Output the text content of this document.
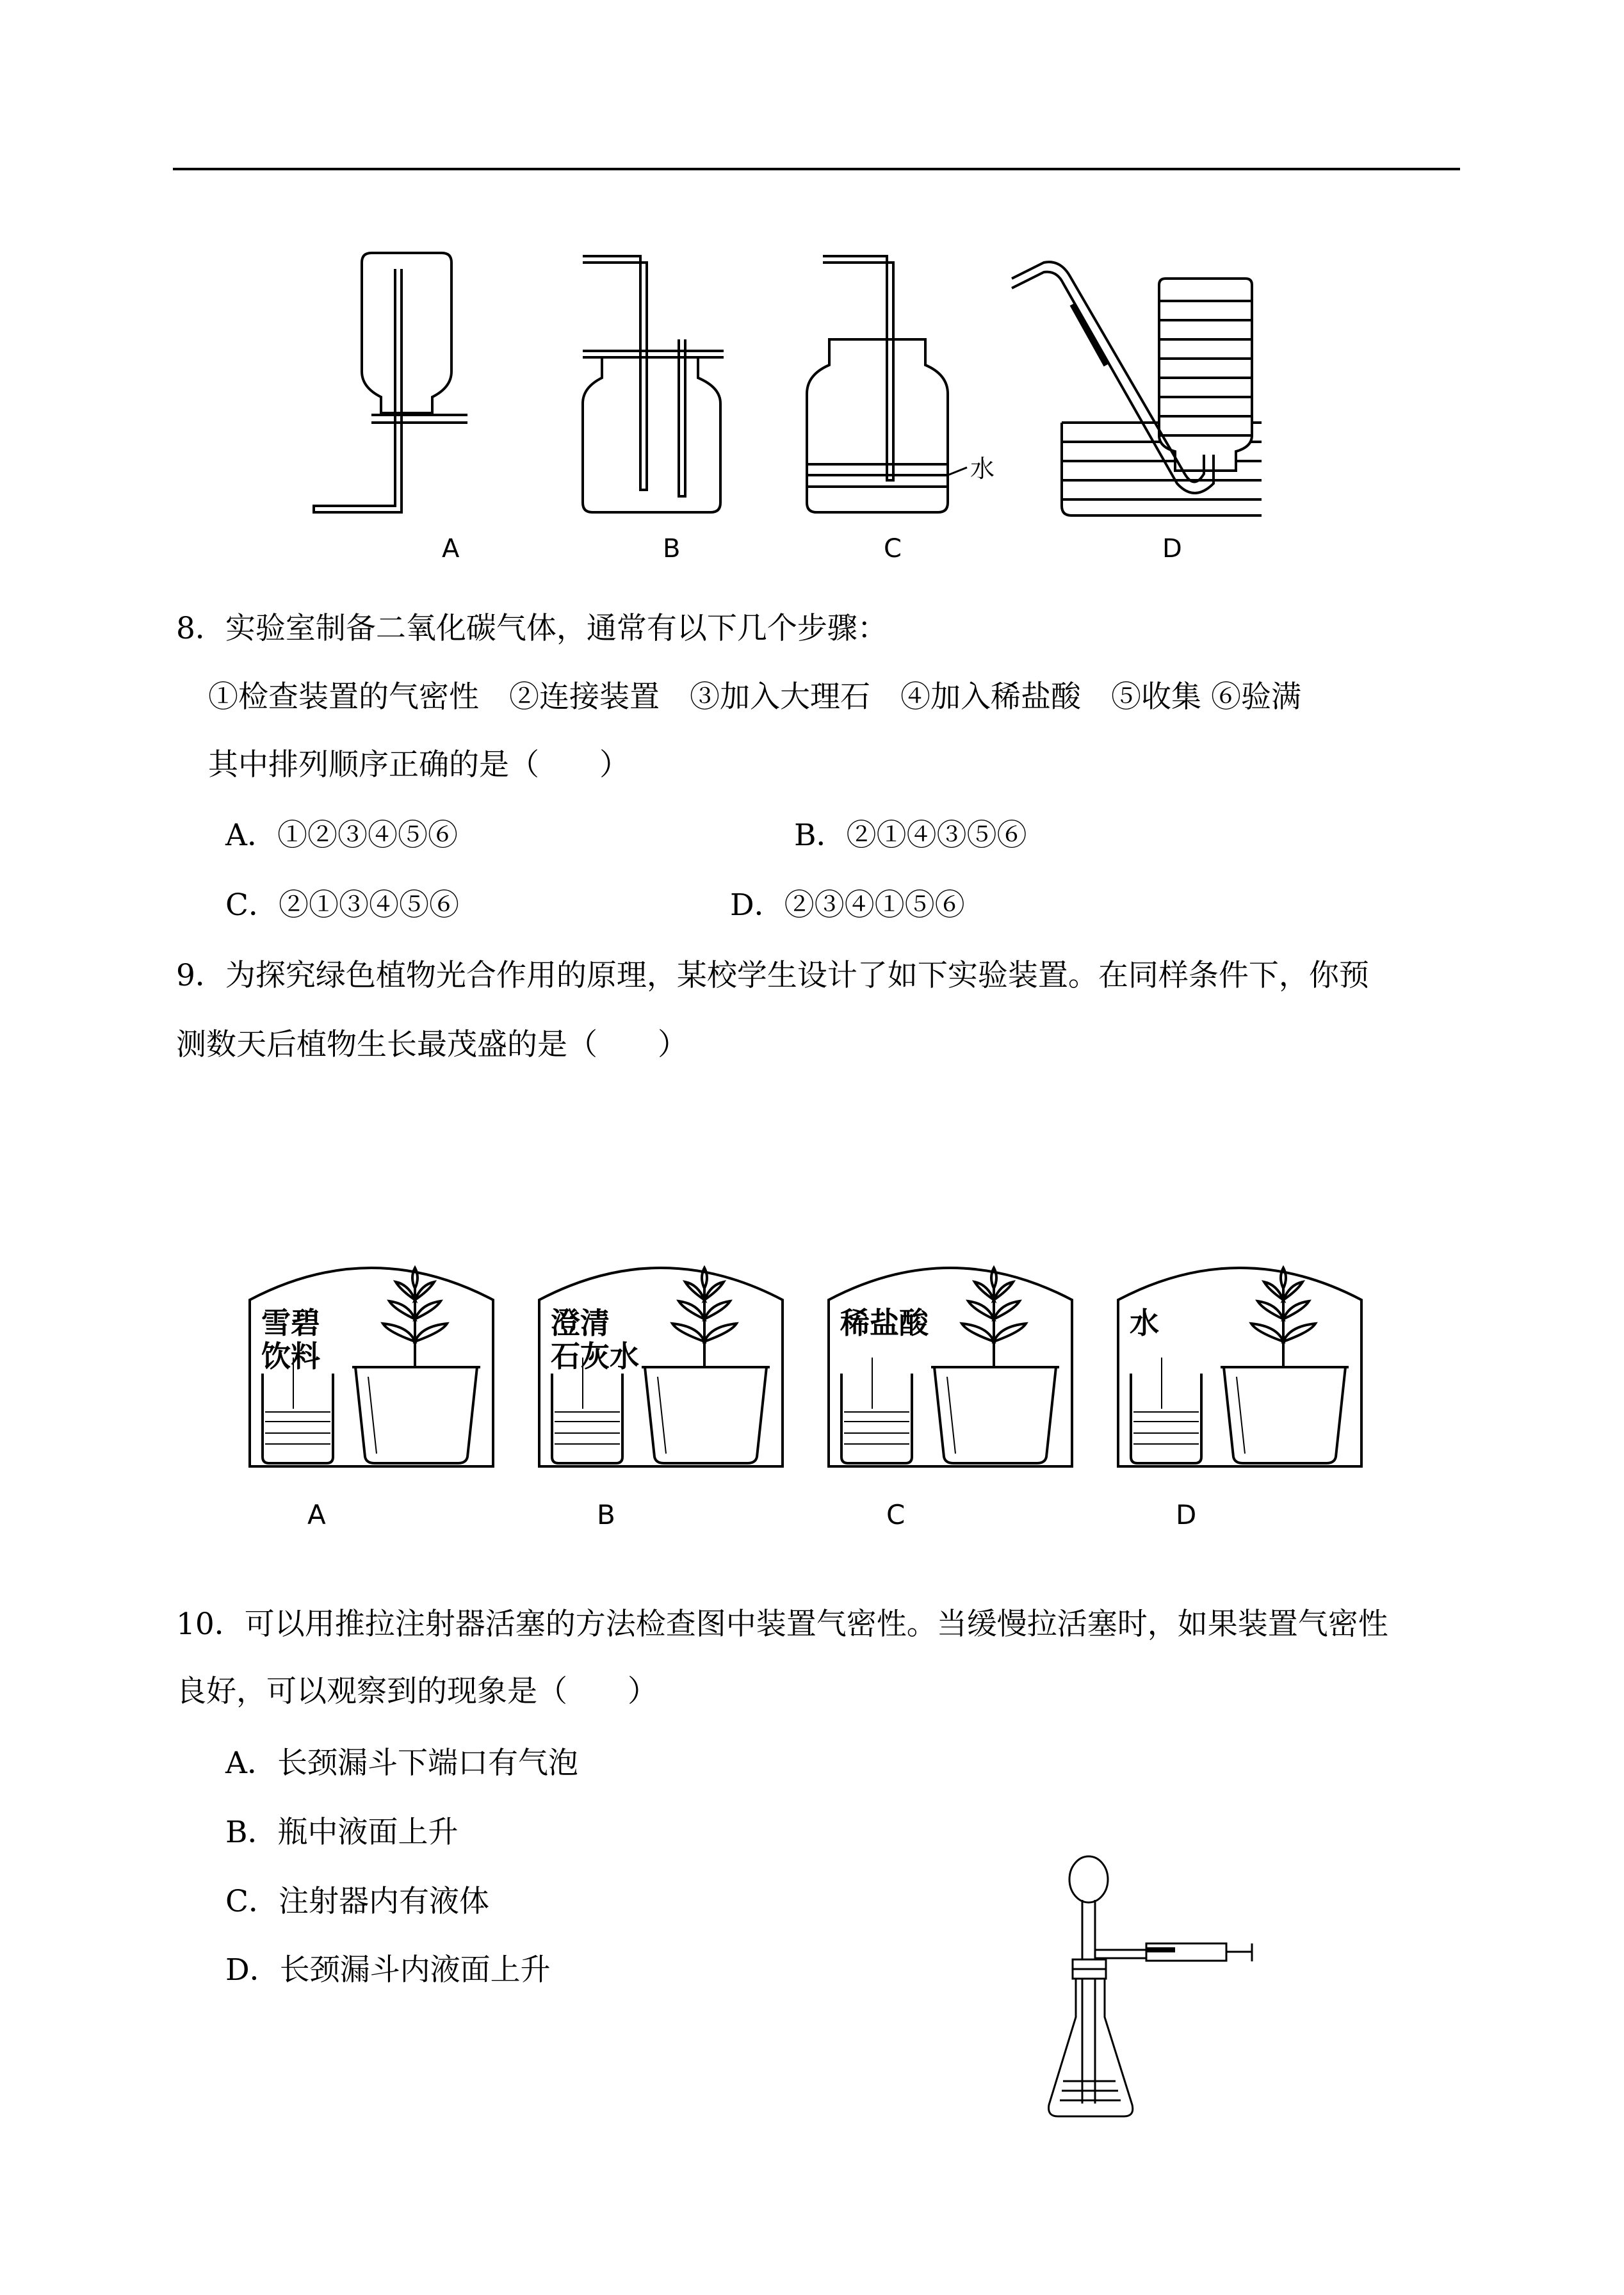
A	B
水
C	D
8．实验室制备二氧化碳气体，通常有以下几个步骤：
①检查装置的气密性　②连接装置　③加入大理石　④加入稀盐酸　⑤收集 ⑥验满
其中排列顺序正确的是（　　）
A．①②③④⑤⑥	B．②①④③⑤⑥
C．②①③④⑤⑥	D．②③④①⑤⑥
9．为探究绿色植物光合作用的原理，某校学生设计了如下实验装置。在同样条件下，你预
测数天后植物生长最茂盛的是（　　）
雪碧
饮料
A
澄清
石灰水
B
稀盐酸
C
水
D
10．可以用推拉注射器活塞的方法检查图中装置气密性。当缓慢拉活塞时，如果装置气密性
良好，可以观察到的现象是（　　）
A．长颈漏斗下端口有气泡
B．瓶中液面上升
C．注射器内有液体
D．长颈漏斗内液面上升
